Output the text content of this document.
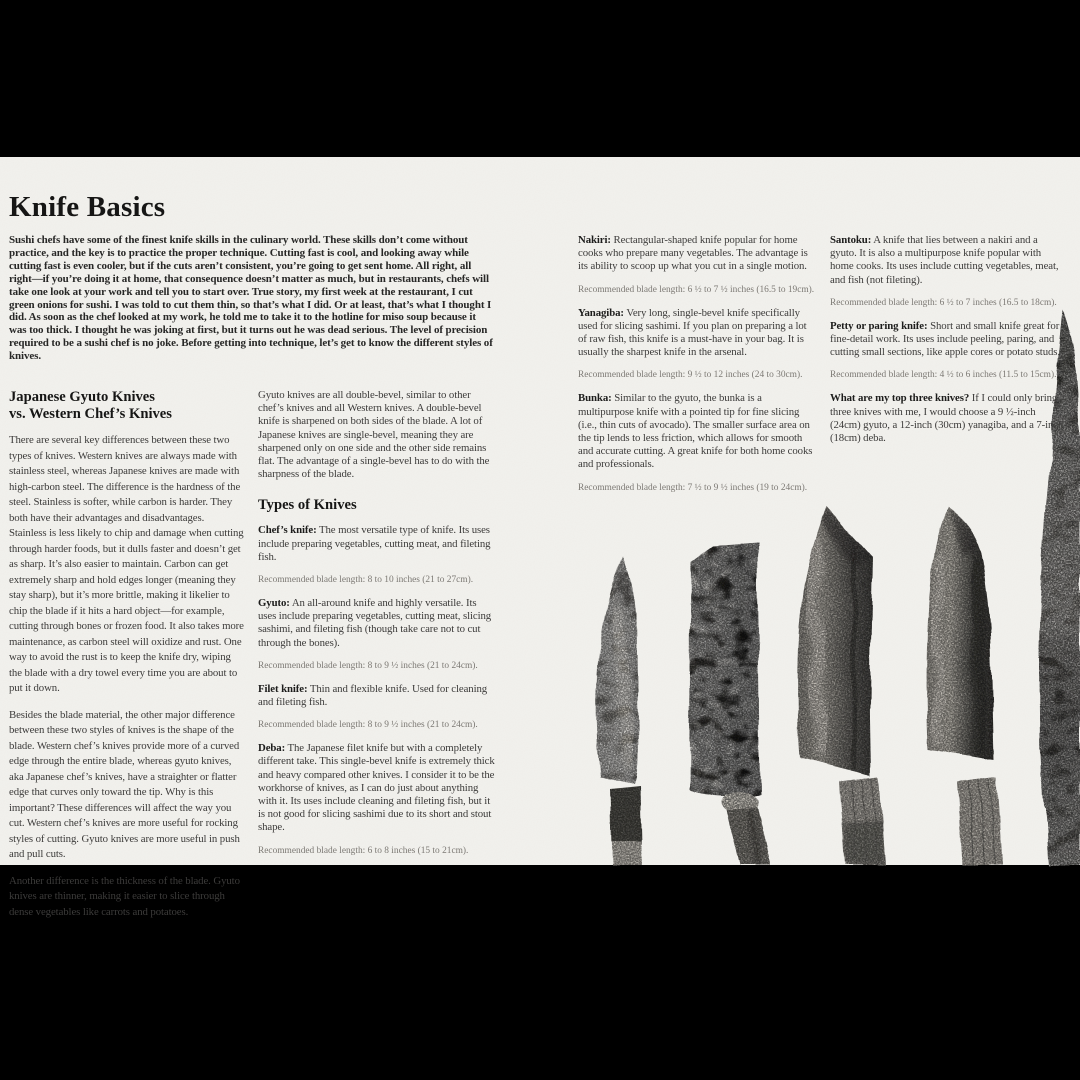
Knife Basics
Sushi chefs have some of the finest knife skills in the culinary world. These skills don’t come without practice, and the key is to practice the proper technique. Cutting fast is cool, and looking away while cutting fast is even cooler, but if the cuts aren’t consistent, you’re going to get sent home. All right, all right—if you’re doing it at home, that consequence doesn’t matter as much, but in restaurants, chefs will take one look at your work and tell you to start over. True story, my first week at the restaurant, I cut green onions for sushi. I was told to cut them thin, so that’s what I did. Or at least, that’s what I thought I did. As soon as the chef looked at my work, he told me to take it to the hotline for miso soup because it was too thick. I thought he was joking at first, but it turns out he was dead serious. The level of precision required to be a sushi chef is no joke. Before getting into technique, let’s get to know the different styles of knives.
Japanese Gyuto Knives
vs. Western Chef’s Knives

There are several key differences between these two types of knives. Western knives are always made with stainless steel, whereas Japanese knives are made with high-carbon steel. The difference is the hardness of the steel. Stainless is softer, while carbon is harder. They both have their advantages and disadvantages. Stainless is less likely to chip and damage when cutting through harder foods, but it dulls faster and doesn’t get as sharp. It’s also easier to maintain. Carbon can get extremely sharp and hold edges longer (meaning they stay sharp), but it’s more brittle, making it likelier to chip the blade if it hits a hard object—for example, cutting through bones or frozen food. It also takes more maintenance, as carbon steel will oxidize and rust. One way to avoid the rust is to keep the knife dry, wiping the blade with a dry towel every time you are about to put it down.

Besides the blade material, the other major difference between these two styles of knives is the shape of the blade. Western chef’s knives provide more of a curved edge through the entire blade, whereas gyuto knives, aka Japanese chef’s knives, have a straighter or flatter edge that curves only toward the tip. Why is this important? These differences will affect the way you cut. Western chef’s knives are more useful for rocking styles of cutting. Gyuto knives are more useful in push and pull cuts.

Another difference is the thickness of the blade. Gyuto knives are thinner, making it easier to slice through dense vegetables like carrots and potatoes.

Gyuto knives are all double-bevel, similar to other chef’s knives and all Western knives. A double-bevel knife is sharpened on both sides of the blade. A lot of Japanese knives are single-bevel, meaning they are sharpened only on one side and the other side remains flat. The advantage of a single-bevel has to do with the sharpness of the blade.

Types of Knives

Chef’s knife: The most versatile type of knife. Its uses include preparing vegetables, cutting meat, and fileting fish.

Recommended blade length: 8 to 10 inches (21 to 27cm).

Gyuto: An all-around knife and highly versatile. Its uses include preparing vegetables, cutting meat, slicing sashimi, and fileting fish (though take care not to cut through the bones).

Recommended blade length: 8 to 9 ½ inches (21 to 24cm).

Filet knife: Thin and flexible knife. Used for cleaning and fileting fish.

Recommended blade length: 8 to 9 ½ inches (21 to 24cm).

Deba: The Japanese filet knife but with a completely different take. This single-bevel knife is extremely thick and heavy compared other knives. I consider it to be the workhorse of knives, as I can do just about anything with it. Its uses include cleaning and fileting fish, but it is not good for slicing sashimi due to its short and stout shape.

Recommended blade length: 6 to 8 inches (15 to 21cm).

Nakiri: Rectangular-shaped knife popular for home cooks who prepare many vegetables. The advantage is its ability to scoop up what you cut in a single motion.

Recommended blade length: 6 ½ to 7 ½ inches (16.5 to 19cm).

Yanagiba: Very long, single-bevel knife specifically used for slicing sashimi. If you plan on preparing a lot of raw fish, this knife is a must-have in your bag. It is usually the sharpest knife in the arsenal.

Recommended blade length: 9 ½ to 12 inches (24 to 30cm).

Bunka: Similar to the gyuto, the bunka is a multipurpose knife with a pointed tip for fine slicing (i.e., thin cuts of avocado). The smaller surface area on the tip lends to less friction, which allows for smooth and accurate cutting. A great knife for both home cooks and professionals.

Recommended blade length: 7 ½ to 9 ½ inches (19 to 24cm).

Santoku: A knife that lies between a nakiri and a gyuto. It is also a multipurpose knife popular with home cooks. Its uses include cutting vegetables, meat, and fish (not fileting).

Recommended blade length: 6 ½ to 7 inches (16.5 to 18cm).

Petty or paring knife: Short and small knife great for fine-detail work. Its uses include peeling, paring, and cutting small sections, like apple cores or potato studs.

Recommended blade length: 4 ½ to 6 inches (11.5 to 15cm).

What are my top three knives? If I could only bring three knives with me, I would choose a 9 ½-inch (24cm) gyuto, a 12-inch (30cm) yanagiba, and a 7-inch (18cm) deba.
